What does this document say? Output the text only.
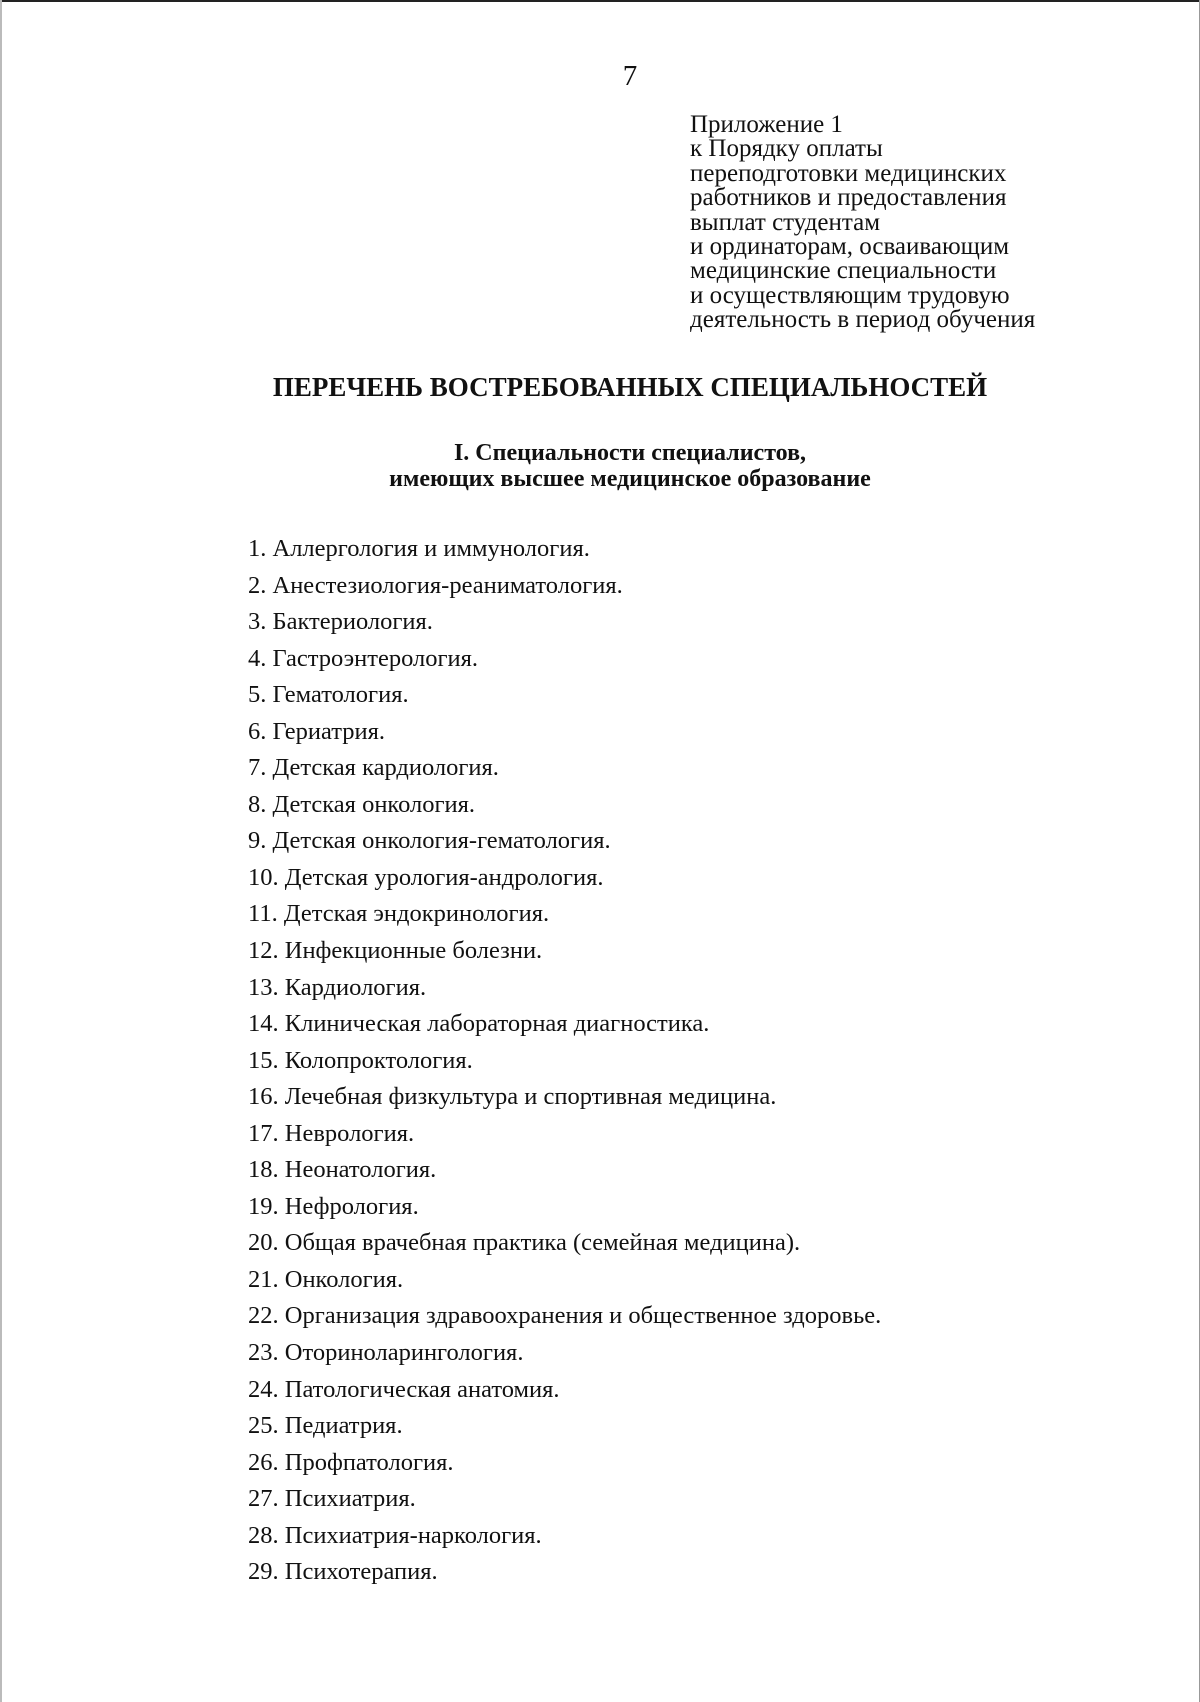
7
Приложение 1
к Порядку оплаты
переподготовки медицинских
работников и предоставления
выплат студентам
и ординаторам, осваивающим
медицинские специальности
и осуществляющим трудовую
деятельность в период обучения
ПЕРЕЧЕНЬ ВОСТРЕБОВАННЫХ СПЕЦИАЛЬНОСТЕЙ
I. Специальности специалистов,
имеющих высшее медицинское образование
1. Аллергология и иммунология.
2. Анестезиология-реаниматология.
3. Бактериология.
4. Гастроэнтерология.
5. Гематология.
6. Гериатрия.
7. Детская кардиология.
8. Детская онкология.
9. Детская онкология-гематология.
10. Детская урология-андрология.
11. Детская эндокринология.
12. Инфекционные болезни.
13. Кардиология.
14. Клиническая лабораторная диагностика.
15. Колопроктология.
16. Лечебная физкультура и спортивная медицина.
17. Неврология.
18. Неонатология.
19. Нефрология.
20. Общая врачебная практика (семейная медицина).
21. Онкология.
22. Организация здравоохранения и общественное здоровье.
23. Оториноларингология.
24. Патологическая анатомия.
25. Педиатрия.
26. Профпатология.
27. Психиатрия.
28. Психиатрия-наркология.
29. Психотерапия.
